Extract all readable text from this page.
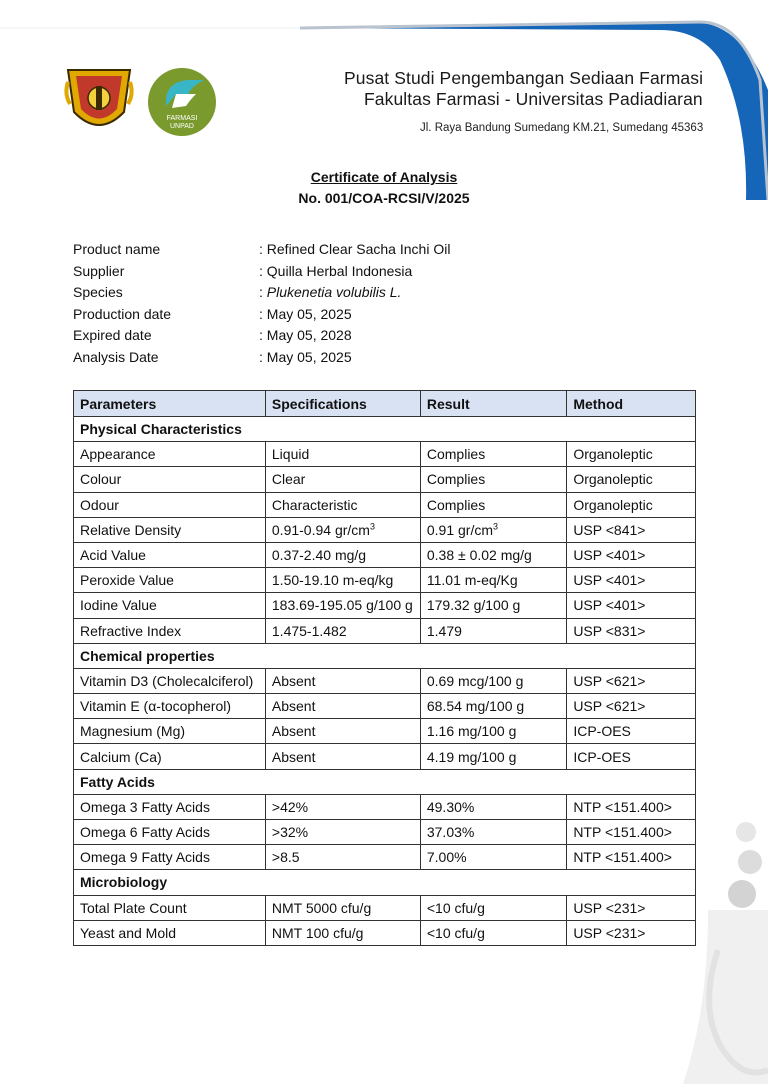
FARMASI
UNPAD
Pusat Studi Pengembangan Sediaan Farmasi
Fakultas Farmasi - Universitas Padiadiaran
Jl. Raya Bandung Sumedang KM.21, Sumedang 45363
Certificate of Analysis
No. 001/COA-RCSI/V/2025
Product name	: Refined Clear Sacha Inchi Oil
Supplier	: Quilla Herbal Indonesia
Species	: Plukenetia volubilis L.
Production date	: May 05, 2025
Expired date	: May 05, 2028
Analysis Date	: May 05, 2025
Parameters	Specifications	Result	Method
Physical Characteristics			
Appearance	Liquid	Complies	Organoleptic
Colour	Clear	Complies	Organoleptic
Odour	Characteristic	Complies	Organoleptic
Relative Density	0.91-0.94 $gr/cm^3$	0.91 $gr/cm^3$	USP <841>
Acid Value	0.37-2.40 mg/g	0.38 ± 0.02 mg/g	USP <401>
Peroxide Value	1.50-19.10 m-eq/kg	11.01 m-eq/Kg	USP <401>
Iodine Value	183.69-195.05 g/100 g	179.32 g/100 g	USP <401>
Refractive Index	1.475-1.482	1.479	USP <831>
Chemical properties			
Vitamin D3 (Cholecalciferol)	Absent	0.69 mcg/100 g	USP <621>
Vitamin E (α-tocopherol)	Absent	68.54 mg/100 g	USP <621>
Magnesium (Mg)	Absent	1.16 mg/100 g	ICP-OES
Calcium (Ca)	Absent	4.19 mg/100 g	ICP-OES
Fatty Acids			
Omega 3 Fatty Acids	>42%	49.30%	NTP <151.400>
Omega 6 Fatty Acids	>32%	37.03%	NTP <151.400>
Omega 9 Fatty Acids	>8.5	7.00%	NTP <151.400>
Microbiology			
Total Plate Count	NMT 5000 cfu/g	<10 cfu/g	USP <231>
Yeast and Mold	NMT 100 cfu/g	<10 cfu/g	USP <231>
